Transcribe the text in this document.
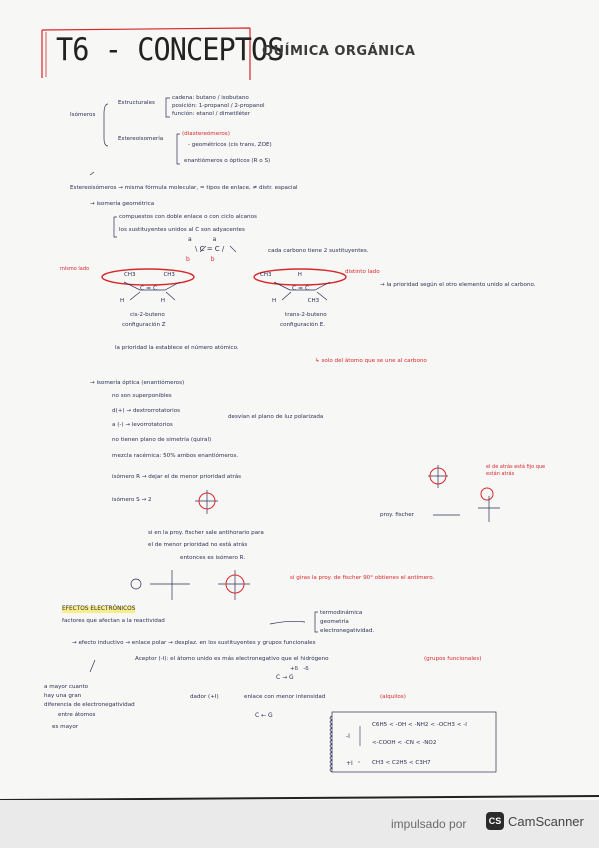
T6 - CONCEPTOS
QUÍMICA ORGÁNICA
Isómeros
Estructurales
cadena: butano / isobutano
posición: 1-propanol / 2-propanol
función: etanol / dimetiléter
Estereoisomería
(diastereómeros)
- geométricos (cis trans, ZOE)
enantiómeros o ópticos (R o S)
Estereoisómeros → misma fórmula molecular, = tipos de enlace, ≠ distr. espacial
→ isomería geométrica
compuestos con doble enlace o con ciclo alcanos
los sustituyentes unidos al C son adyacentes
a           a
\ C = C /
b           b
cada carbono tiene 2 sustituyentes.
mismo lado
CH3                CH3
C = C
H                     H
cis-2-buteno
configuración Z
CH3               H	distinto lado
C = C
H                  CH3
trans-2-buteno
configuración E.
→ la prioridad según el otro elemento unido al carbono.
la prioridad la establece el número atómico.
↳ solo del átomo que se une al carbono
→ isomería óptica (enantiómeros)
no son superponibles
d(+) → dextrorrotatorios
a (-) → levorrotatorios
desvían el plano de luz polarizada
no tienen plano de simetría (quiral)
mezcla racémica: 50% ambos enantiómeros.
isómero R → dejar el de menor prioridad atrás
isómero S → 2
el de atrás está fijo que están atrás
proy. fischer
si en la proy. fischer sale antihorario para
el de menor prioridad no está atrás
entonces es isómero R.
si giras la proy. de fischer 90° obtienes el antímero.
EFECTOS ELECTRÓNICOS
factores que afectan a la reactividad
termodinámica
geometría
electronegatividad.
→ efecto inductivo → enlace polar → desplaz. en los sustituyentes y grupos funcionales
Aceptor (-I): el átomo unido es más electronegativo que el hidrógeno	(grupos funcionales)
+δ   -δ
C → G
a mayor cuanto
hay una gran
diferencia de electronegatividad
entre átomos
es mayor
dador (+I)	enlace con menor intensidad	(alquilos)
C ← G
-I
C6H5 < -OH < -NH2 < -OCH3 < -I
<-COOH < -CN < -NO2
+I	CH3 < C2H5 < C3H7
impulsado por	CS CamScanner
